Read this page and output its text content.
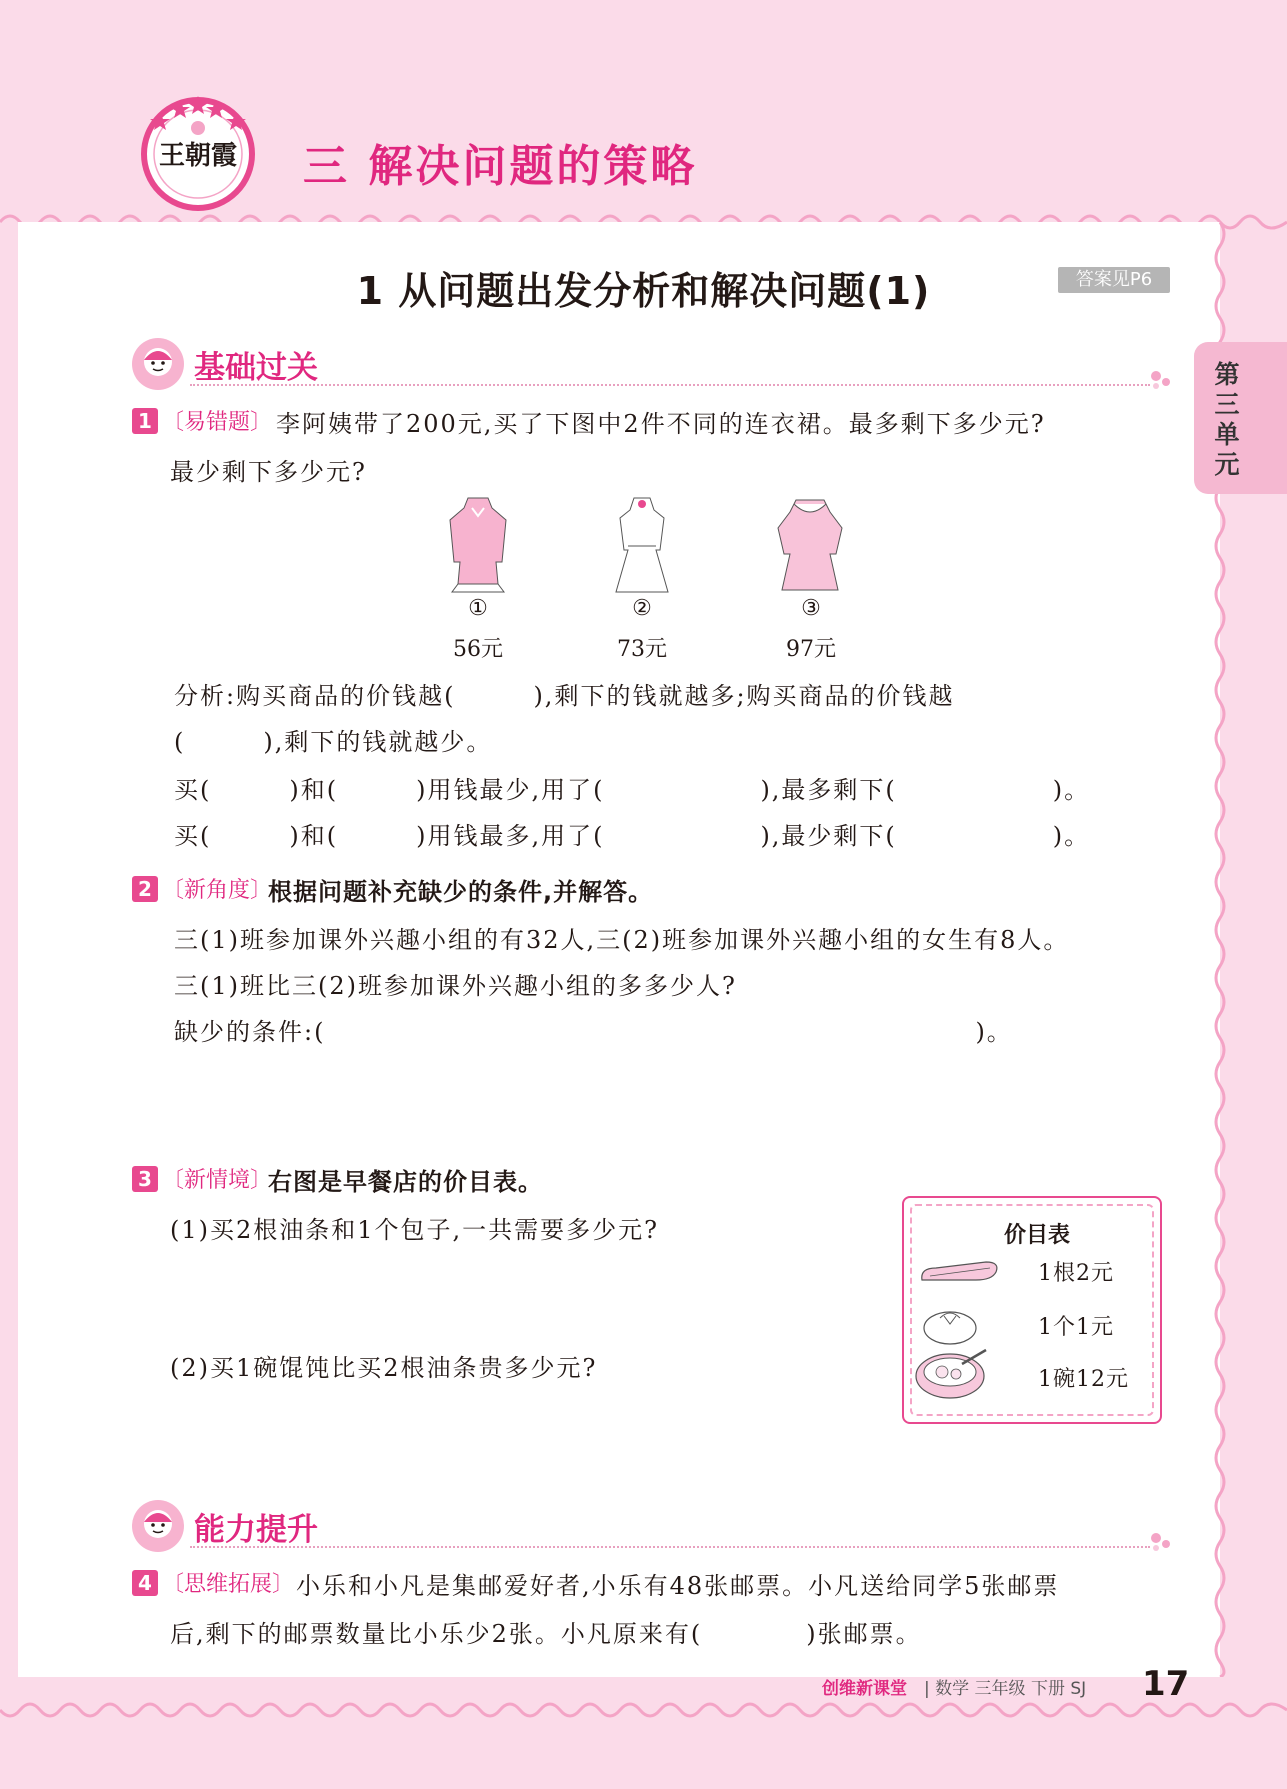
王朝霞 三 解决问题的策略
1 从问题出发分析和解决问题(1)	答案见P6
第三单元
基础过关
1 〔易错题〕 李阿姨带了200元,买了下图中2件不同的连衣裙。最多剩下多少元?
最少剩下多少元?
①	②	③
56元	73元	97元
分析:购买商品的价钱越(　　　),剩下的钱就越多;购买商品的价钱越
(　　　),剩下的钱就越少。
买(　　　)和(　　　)用钱最少,用了(　　　　　　),最多剩下(　　　　　　)。
买(　　　)和(　　　)用钱最多,用了(　　　　　　),最少剩下(　　　　　　)。
2 〔新角度〕
根据问题补充缺少的条件,并解答。
三(1)班参加课外兴趣小组的有32人,三(2)班参加课外兴趣小组的女生有8人。
三(1)班比三(2)班参加课外兴趣小组的多多少人?
缺少的条件:(　　　　　　　　　　　　　　　　　　　　　　　　　)。
3 〔新情境〕
右图是早餐店的价目表。
(1)买2根油条和1个包子,一共需要多少元?
(2)买1碗馄饨比买2根油条贵多少元?
价目表
1根2元
1个1元
1碗12元
能力提升
4 〔思维拓展〕 小乐和小凡是集邮爱好者,小乐有48张邮票。小凡送给同学5张邮票
后,剩下的邮票数量比小乐少2张。小凡原来有(　　　　)张邮票。
创维新课堂 | 数学 三年级 下册 SJ 17
